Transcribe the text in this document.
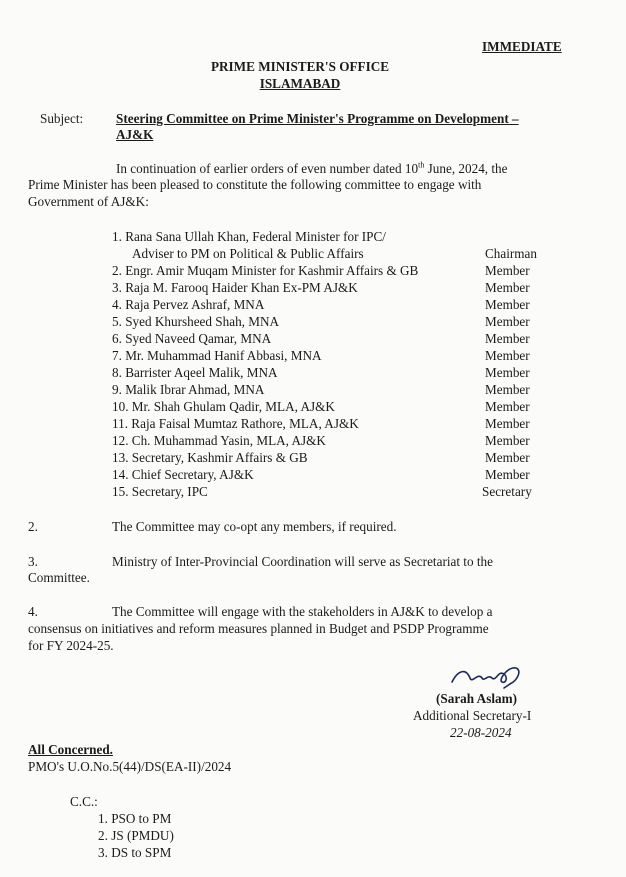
IMMEDIATE
PRIME MINISTER'S OFFICE
ISLAMABAD
Subject: Steering Committee on Prime Minister's Programme on Development –
AJ&K
In continuation of earlier orders of even number dated 10th June, 2024, the
Prime Minister has been pleased to constitute the following committee to engage with
Government of AJ&K:
1. Rana Sana Ullah Khan, Federal Minister for IPC/
Adviser to PM on Political & Public Affairs	Chairman
2. Engr. Amir Muqam Minister for Kashmir Affairs & GB	Member
3. Raja M. Farooq Haider Khan Ex-PM AJ&K	Member
4. Raja Pervez Ashraf, MNA	Member
5. Syed Khursheed Shah, MNA	Member
6. Syed Naveed Qamar, MNA	Member
7. Mr. Muhammad Hanif Abbasi, MNA	Member
8. Barrister Aqeel Malik, MNA	Member
9. Malik Ibrar Ahmad, MNA	Member
10. Mr. Shah Ghulam Qadir, MLA, AJ&K	Member
11. Raja Faisal Mumtaz Rathore, MLA, AJ&K	Member
12. Ch. Muhammad Yasin, MLA, AJ&K	Member
13. Secretary, Kashmir Affairs & GB	Member
14. Chief Secretary, AJ&K	Member
15. Secretary, IPC	Secretary
2.	The Committee may co-opt any members, if required.
3.	Ministry of Inter-Provincial Coordination will serve as Secretariat to the
Committee.
4.	The Committee will engage with the stakeholders in AJ&K to develop a
consensus on initiatives and reform measures planned in Budget and PSDP Programme
for FY 2024-25.
(Sarah Aslam)
Additional Secretary-I
22-08-2024
All Concerned.
PMO's U.O.No.5(44)/DS(EA-II)/2024
C.C.:
1. PSO to PM
2. JS (PMDU)
3. DS to SPM
